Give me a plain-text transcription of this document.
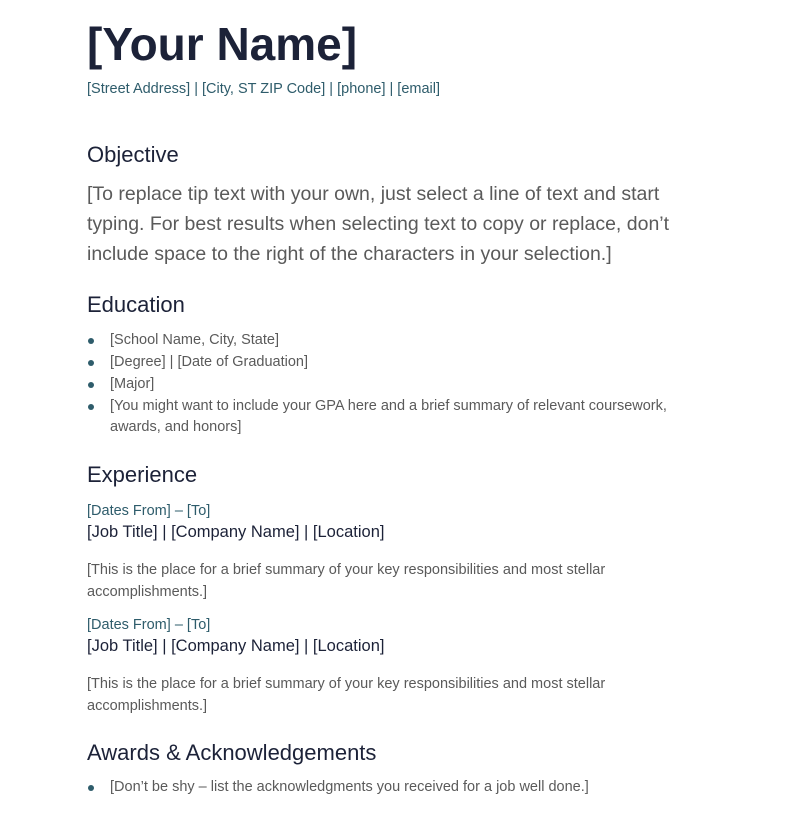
[Your Name]
[Street Address] | [City, ST ZIP Code] | [phone] | [email]
Objective

[To replace tip text with your own, just select a line of text and start typing. For best results when selecting text to copy or replace, don’t include space to the right of the characters in your selection.]

Education
[School Name, City, State]
[Degree] | [Date of Graduation]
[Major]
[You might want to include your GPA here and a brief summary of relevant coursework, awards, and honors]
Experience
[Dates From] – [To]
[Job Title] | [Company Name] | [Location]

[This is the place for a brief summary of your key responsibilities and most stellar accomplishments.]

[Dates From] – [To]
[Job Title] | [Company Name] | [Location]

[This is the place for a brief summary of your key responsibilities and most stellar accomplishments.]

Awards & Acknowledgements
[Don’t be shy – list the acknowledgments you received for a job well done.]
